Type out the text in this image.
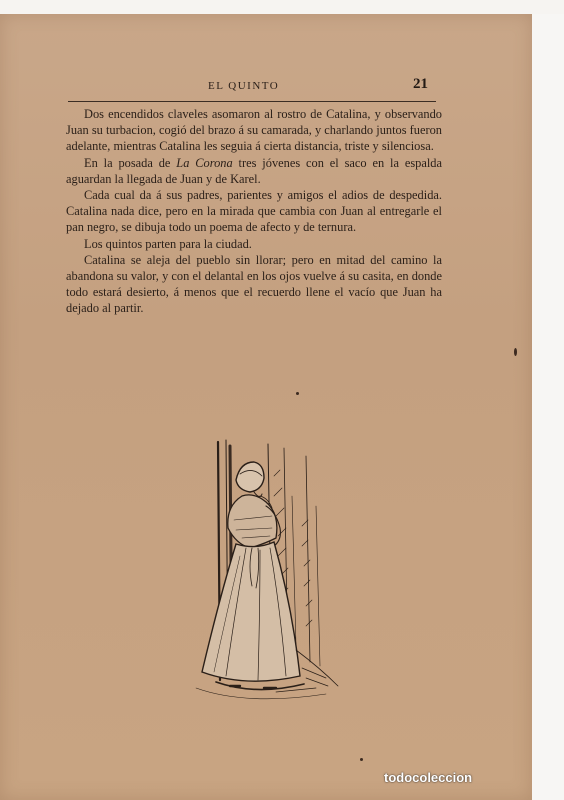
EL QUINTO	21

Dos encendidos claveles asomaron al rostro de Catalina, y observando Juan su turbacion, cogió del brazo á su camarada, y charlando juntos fueron adelante, mientras Catalina les seguia á cierta distancia, triste y silenciosa.

En la posada de La Corona tres jóvenes con el saco en la espalda aguardan la llegada de Juan y de Karel.

Cada cual da á sus padres, parientes y amigos el adios de despedida. Catalina nada dice, pero en la mirada que cambia con Juan al entregarle el pan negro, se dibuja todo un poema de afecto y de ternura.

Los quintos parten para la ciudad.

Catalina se aleja del pueblo sin llorar; pero en mitad del camino la abandona su valor, y con el delantal en los ojos vuelve á su casita, en donde todo estará desierto, á menos que el recuerdo llene el vacío que Juan ha dejado al partir.

todocoleccion
